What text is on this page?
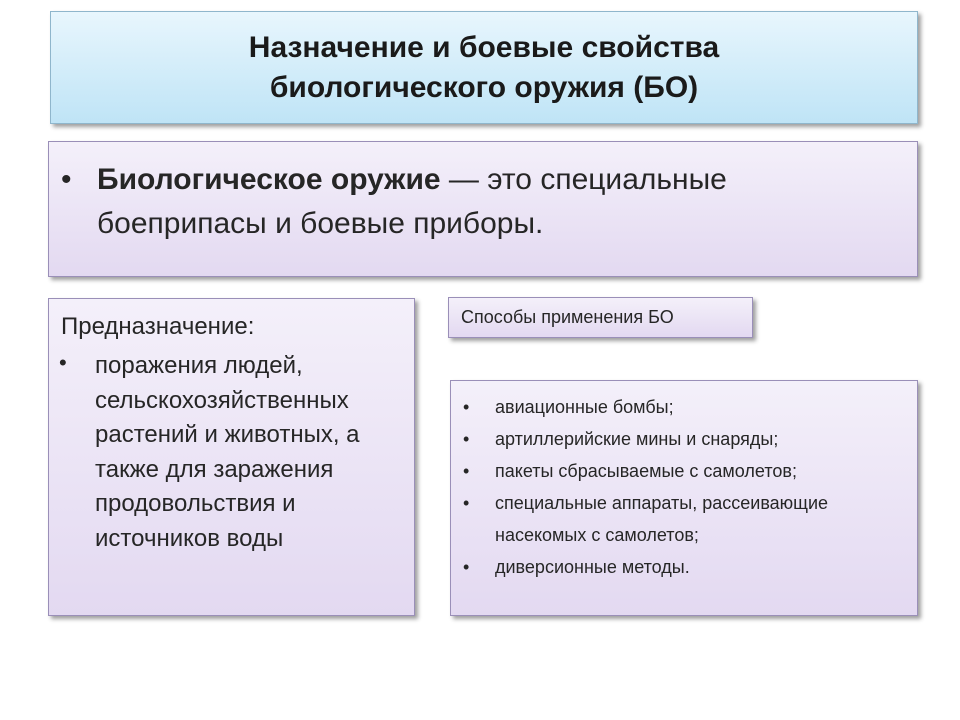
Назначение и боевые свойства
биологического оружия (БО)
• Биологическое оружие — это специальные боеприпасы и боевые приборы.
Предназначение:
• поражения людей, сельскохозяйственных растений и животных, а также для заражения продовольствия и источников воды
Способы применения БО
• авиационные бомбы;
• артиллерийские мины и снаряды;
• пакеты сбрасываемые с самолетов;
• специальные аппараты, рассеивающие насекомых с самолетов;
• диверсионные методы.
